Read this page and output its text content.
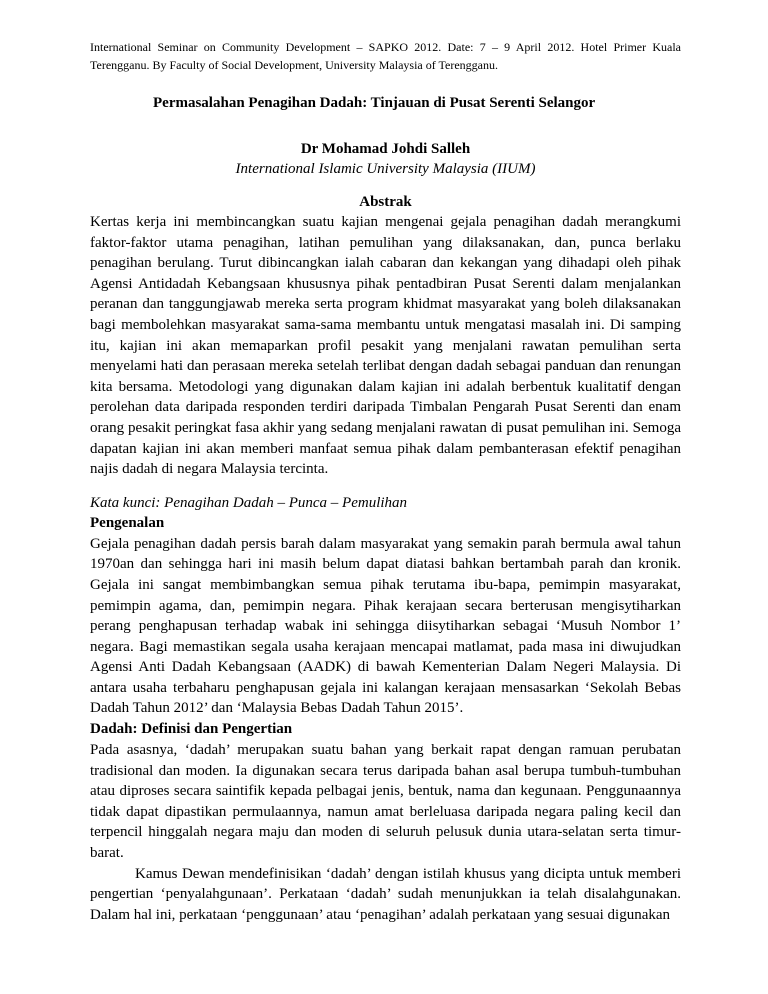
International Seminar on Community Development – SAPKO 2012. Date: 7 – 9 April 2012. Hotel Primer Kuala Terengganu. By Faculty of Social Development, University Malaysia of Terengganu.

Permasalahan Penagihan Dadah: Tinjauan di Pusat Serenti Selangor
Dr Mohamad Johdi Salleh
International Islamic University Malaysia (IIUM)
Abstrak

Kertas kerja ini membincangkan suatu kajian mengenai gejala penagihan dadah merangkumi faktor-faktor utama penagihan, latihan pemulihan yang dilaksanakan, dan, punca berlaku penagihan berulang. Turut dibincangkan ialah cabaran dan kekangan yang dihadapi oleh pihak Agensi Antidadah Kebangsaan khususnya pihak pentadbiran Pusat Serenti dalam menjalankan peranan dan tanggungjawab mereka serta program khidmat masyarakat yang boleh dilaksanakan bagi membolehkan masyarakat sama-sama membantu untuk mengatasi masalah ini. Di samping itu, kajian ini akan memaparkan profil pesakit yang menjalani rawatan pemulihan serta menyelami hati dan perasaan mereka setelah terlibat dengan dadah sebagai panduan dan renungan kita bersama. Metodologi yang digunakan dalam kajian ini adalah berbentuk kualitatif dengan perolehan data daripada responden terdiri daripada Timbalan Pengarah Pusat Serenti dan enam orang pesakit peringkat fasa akhir yang sedang menjalani rawatan di pusat pemulihan ini. Semoga dapatan kajian ini akan memberi manfaat semua pihak dalam pembanterasan efektif penagihan najis dadah di negara Malaysia tercinta.

Kata kunci: Penagihan Dadah – Punca – Pemulihan

Pengenalan

Gejala penagihan dadah persis barah dalam masyarakat yang semakin parah bermula awal tahun 1970an dan sehingga hari ini masih belum dapat diatasi bahkan bertambah parah dan kronik. Gejala ini sangat membimbangkan semua pihak terutama ibu-bapa, pemimpin masyarakat, pemimpin agama, dan, pemimpin negara. Pihak kerajaan secara berterusan mengisytiharkan perang penghapusan terhadap wabak ini sehingga diisytiharkan sebagai ‘Musuh Nombor 1’ negara. Bagi memastikan segala usaha kerajaan mencapai matlamat, pada masa ini diwujudkan Agensi Anti Dadah Kebangsaan (AADK) di bawah Kementerian Dalam Negeri Malaysia. Di antara usaha terbaharu penghapusan gejala ini kalangan kerajaan mensasarkan ‘Sekolah Bebas Dadah Tahun 2012’ dan ‘Malaysia Bebas Dadah Tahun 2015’.

Dadah: Definisi dan Pengertian

Pada asasnya, ‘dadah’ merupakan suatu bahan yang berkait rapat dengan ramuan perubatan tradisional dan moden. Ia digunakan secara terus daripada bahan asal berupa tumbuh-tumbuhan atau diproses secara saintifik kepada pelbagai jenis, bentuk, nama dan kegunaan. Penggunaannya tidak dapat dipastikan permulaannya, namun amat berleluasa daripada negara paling kecil dan terpencil hinggalah negara maju dan moden di seluruh pelusuk dunia utara-selatan serta timur-barat.

Kamus Dewan mendefinisikan ‘dadah’ dengan istilah khusus yang dicipta untuk memberi pengertian ‘penyalahgunaan’. Perkataan ‘dadah’ sudah menunjukkan ia telah disalahgunakan. Dalam hal ini, perkataan ‘penggunaan’ atau ‘penagihan’ adalah perkataan yang sesuai digunakan
